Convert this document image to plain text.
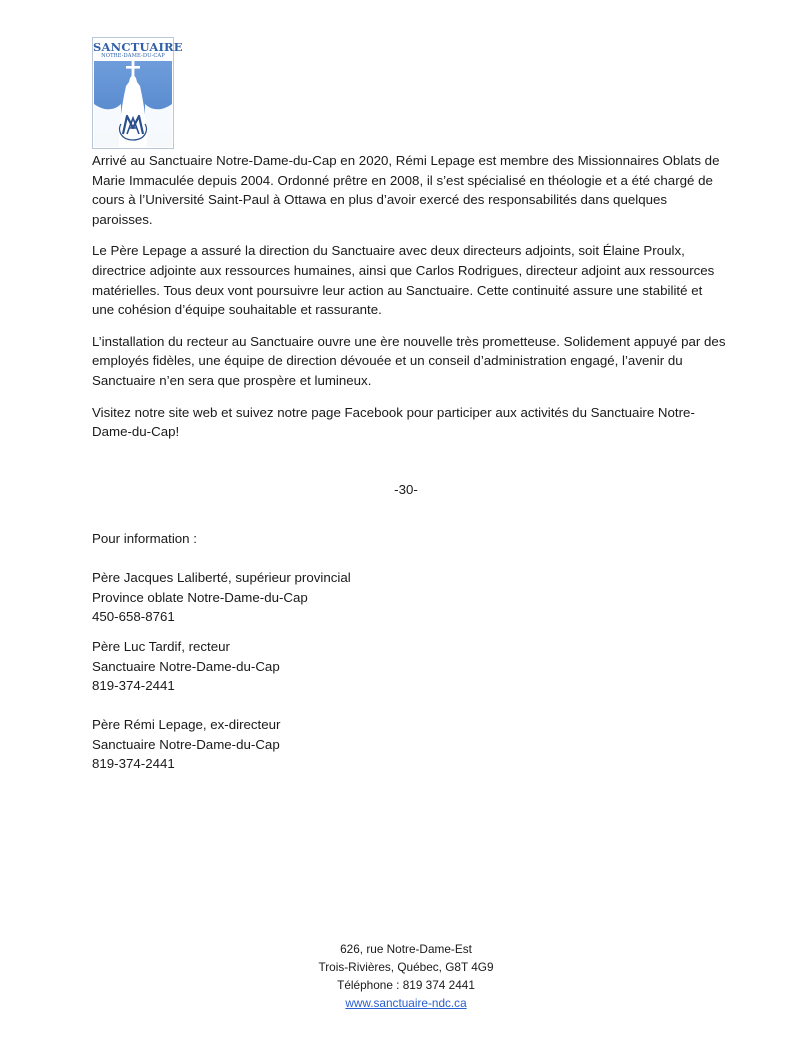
SANCTUAIRE
NOTRE-DAME-DU-CAP

Arrivé au Sanctuaire Notre-Dame-du-Cap en 2020, Rémi Lepage est membre des Missionnaires Oblats de Marie Immaculée depuis 2004. Ordonné prêtre en 2008, il s’est spécialisé en théologie et a été chargé de cours à l’Université Saint-Paul à Ottawa en plus d’avoir exercé des responsabilités dans quelques paroisses.

Le Père Lepage a assuré la direction du Sanctuaire avec deux directeurs adjoints, soit Élaine Proulx, directrice adjointe aux ressources humaines, ainsi que Carlos Rodrigues, directeur adjoint aux ressources matérielles. Tous deux vont poursuivre leur action au Sanctuaire. Cette continuité assure une stabilité et une cohésion d’équipe souhaitable et rassurante.

L’installation du recteur au Sanctuaire ouvre une ère nouvelle très prometteuse. Solidement appuyé par des employés fidèles, une équipe de direction dévouée et un conseil d’administration engagé, l’avenir du Sanctuaire n’en sera que prospère et lumineux.

Visitez notre site web et suivez notre page Facebook pour participer aux activités du Sanctuaire Notre-Dame-du-Cap!

-30-
Pour information :
Père Jacques Laliberté, supérieur provincial
Province oblate Notre-Dame-du-Cap
450-658-8761
Père Luc Tardif, recteur
Sanctuaire Notre-Dame-du-Cap
819-374-2441
Père Rémi Lepage, ex-directeur
Sanctuaire Notre-Dame-du-Cap
819-374-2441
626, rue Notre-Dame-Est
Trois-Rivières, Québec, G8T 4G9
Téléphone : 819 374 2441
www.sanctuaire-ndc.ca
